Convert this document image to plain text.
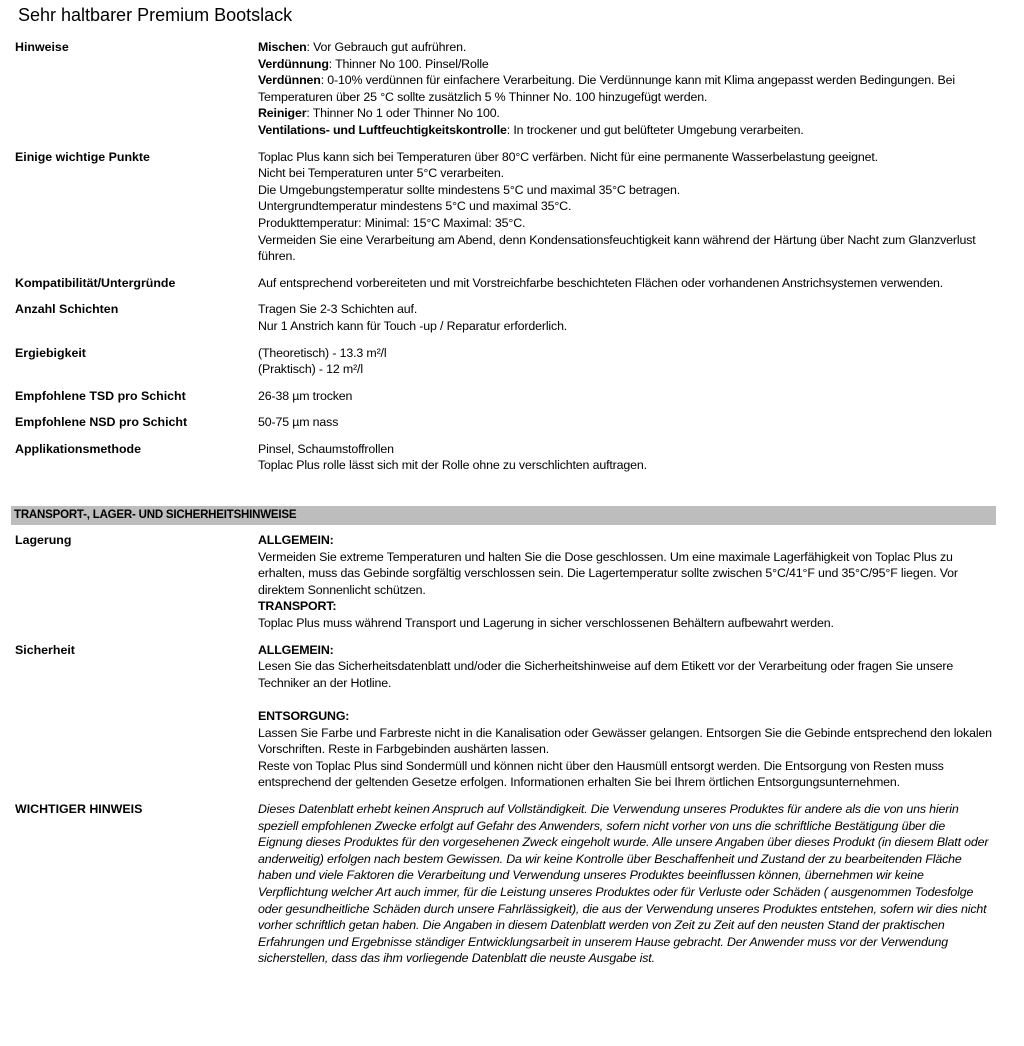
Sehr haltbarer Premium Bootslack
Hinweise	Mischen: Vor Gebrauch gut aufrühren.
Verdünnung: Thinner No 100. Pinsel/Rolle
Verdünnen: 0-10% verdünnen für einfachere Verarbeitung. Die Verdünnunge kann mit Klima angepasst werden Bedingungen. Bei Temperaturen über 25 °C sollte zusätzlich 5 % Thinner No. 100 hinzugefügt werden.
Reiniger: Thinner No 1 oder Thinner No 100.
Ventilations- und Luftfeuchtigkeitskontrolle: In trockener und gut belüfteter Umgebung verarbeiten.
Einige wichtige Punkte	Toplac Plus kann sich bei Temperaturen über 80°C verfärben. Nicht für eine permanente Wasserbelastung geeignet.
Nicht bei Temperaturen unter 5°C verarbeiten.
Die Umgebungstemperatur sollte mindestens 5°C und maximal 35°C betragen.
Untergrundtemperatur mindestens 5°C und maximal 35°C.
Produkttemperatur: Minimal: 15°C Maximal: 35°C.
Vermeiden Sie eine Verarbeitung am Abend, denn Kondensationsfeuchtigkeit kann während der Härtung über Nacht zum Glanzverlust führen.
Kompatibilität/Untergründe	Auf entsprechend vorbereiteten und mit Vorstreichfarbe beschichteten Flächen oder vorhandenen Anstrichsystemen verwenden.
Anzahl Schichten	Tragen Sie 2-3 Schichten auf.
Nur 1 Anstrich kann für Touch -up / Reparatur erforderlich.
Ergiebigkeit	(Theoretisch) - 13.3 m²/l
(Praktisch) - 12 m²/l
Empfohlene TSD pro Schicht	26-38 µm trocken
Empfohlene NSD pro Schicht	50-75 µm nass
Applikationsmethode	Pinsel, Schaumstoffrollen
Toplac Plus rolle lässt sich mit der Rolle ohne zu verschlichten auftragen.
TRANSPORT-, LAGER- UND SICHERHEITSHINWEISE
Lagerung	ALLGEMEIN:
Vermeiden Sie extreme Temperaturen und halten Sie die Dose geschlossen. Um eine maximale Lagerfähigkeit von Toplac Plus zu erhalten, muss das Gebinde sorgfältig verschlossen sein. Die Lagertemperatur sollte zwischen 5°C/41°F und 35°C/95°F liegen. Vor direktem Sonnenlicht schützen.
TRANSPORT:
Toplac Plus muss während Transport und Lagerung in sicher verschlossenen Behältern aufbewahrt werden.
Sicherheit	ALLGEMEIN:
Lesen Sie das Sicherheitsdatenblatt und/oder die Sicherheitshinweise auf dem Etikett vor der Verarbeitung oder fragen Sie unsere Techniker an der Hotline.
ENTSORGUNG:
Lassen Sie Farbe und Farbreste nicht in die Kanalisation oder Gewässer gelangen. Entsorgen Sie die Gebinde entsprechend den lokalen Vorschriften. Reste in Farbgebinden aushärten lassen.
Reste von Toplac Plus sind Sondermüll und können nicht über den Hausmüll entsorgt werden. Die Entsorgung von Resten muss entsprechend der geltenden Gesetze erfolgen. Informationen erhalten Sie bei Ihrem örtlichen Entsorgungsunternehmen.
WICHTIGER HINWEIS	Dieses Datenblatt erhebt keinen Anspruch auf Vollständigkeit. Die Verwendung unseres Produktes für andere als die von uns hierin speziell empfohlenen Zwecke erfolgt auf Gefahr des Anwenders, sofern nicht vorher von uns die schriftliche Bestätigung über die Eignung dieses Produktes für den vorgesehenen Zweck eingeholt wurde. Alle unsere Angaben über dieses Produkt (in diesem Blatt oder anderweitig) erfolgen nach bestem Gewissen. Da wir keine Kontrolle über Beschaffenheit und Zustand der zu bearbeitenden Fläche haben und viele Faktoren die Verarbeitung und Verwendung unseres Produktes beeinflussen können, übernehmen wir keine Verpflichtung welcher Art auch immer, für die Leistung unseres Produktes oder für Verluste oder Schäden ( ausgenommen Todesfolge oder gesundheitliche Schäden durch unsere Fahrlässigkeit), die aus der Verwendung unseres Produktes entstehen, sofern wir dies nicht vorher schriftlich getan haben. Die Angaben in diesem Datenblatt werden von Zeit zu Zeit auf den neusten Stand der praktischen Erfahrungen und Ergebnisse ständiger Entwicklungsarbeit in unserem Hause gebracht. Der Anwender muss vor der Verwendung sicherstellen, dass das ihm vorliegende Datenblatt die neuste Ausgabe ist.
